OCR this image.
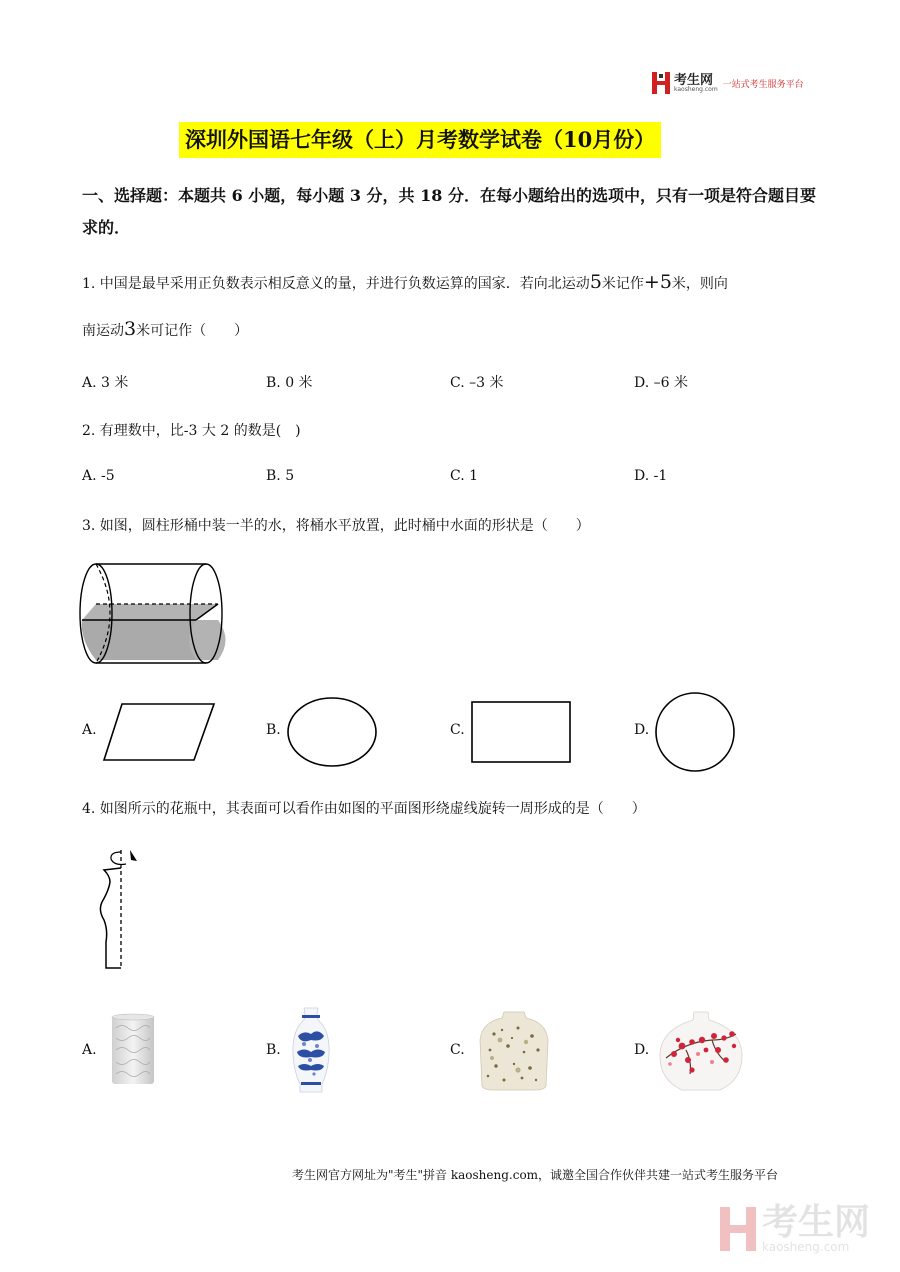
考生网
kaosheng.com 一站式考生服务平台
深圳外国语七年级（上）月考数学试卷（10月份）
一、选择题：本题共 6 小题，每小题 3 分，共 18 分．在每小题给出的选项中，只有一项是符合题目要求的．
1. 中国是最早采用正负数表示相反意义的量，并进行负数运算的国家．若向北运动5米记作+5米，则向
南运动3米可记作（　　）
A. 3 米	B. 0 米	C. –3 米	D. –6 米
2. 有理数中，比-3 大 2 的数是(　)
A. -5	B. 5	C. 1	D. -1
3. 如图，圆柱形桶中装一半的水，将桶水平放置，此时桶中水面的形状是（　　）
A.	B.	C.	D.
4. 如图所示的花瓶中，其表面可以看作由如图的平面图形绕虚线旋转一周形成的是（　　）
A.	B.	C.	D.
考生网官方网址为"考生"拼音 kaosheng.com，诚邀全国合作伙伴共建一站式考生服务平台
考生网
kaosheng.com
